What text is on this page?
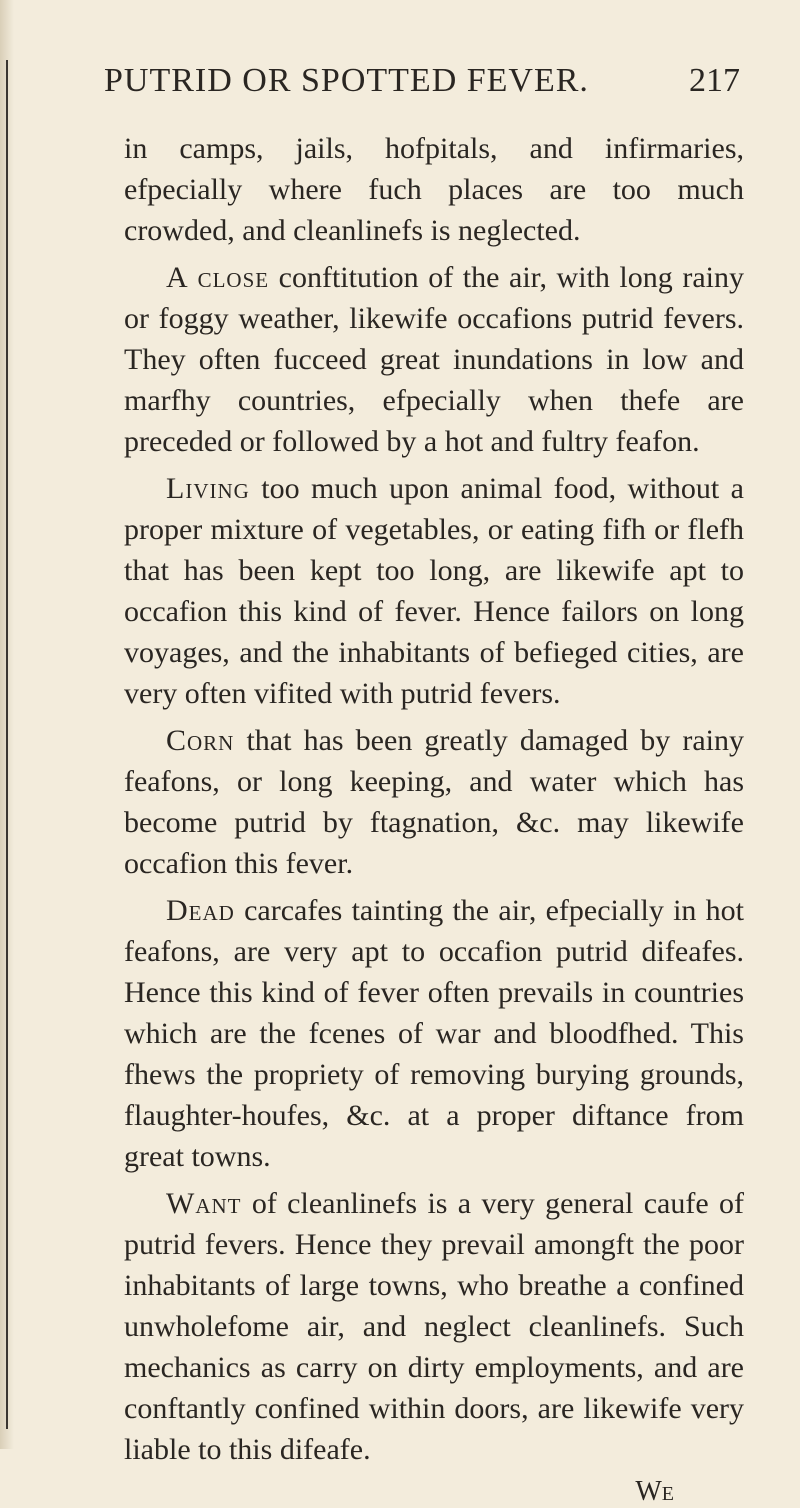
PUTRID OR SPOTTED FEVER.	217

in camps, jails, hofpitals, and infirmaries, efpecially where fuch places are too much crowded, and cleanlinefs is neglected.

A close conftitution of the air, with long rainy or foggy weather, likewife occafions putrid fevers. They often fucceed great inundations in low and marfhy countries, efpecially when thefe are preceded or followed by a hot and fultry feafon.

Living too much upon animal food, without a proper mixture of vegetables, or eating fifh or flefh that has been kept too long, are likewife apt to occafion this kind of fever. Hence failors on long voyages, and the inhabitants of befieged cities, are very often vifited with putrid fevers.

Corn that has been greatly damaged by rainy feafons, or long keeping, and water which has become putrid by ftagnation, &c. may likewife occafion this fever.

Dead carcafes tainting the air, efpecially in hot feafons, are very apt to occafion putrid difeafes. Hence this kind of fever often prevails in countries which are the fcenes of war and bloodfhed. This fhews the propriety of removing burying grounds, flaughter-houfes, &c. at a proper diftance from great towns.

Want of cleanlinefs is a very general caufe of putrid fevers. Hence they prevail amongft the poor inhabitants of large towns, who breathe a confined unwholefome air, and neglect cleanlinefs. Such mechanics as carry on dirty employments, and are conftantly confined within doors, are likewife very liable to this difeafe.

We
